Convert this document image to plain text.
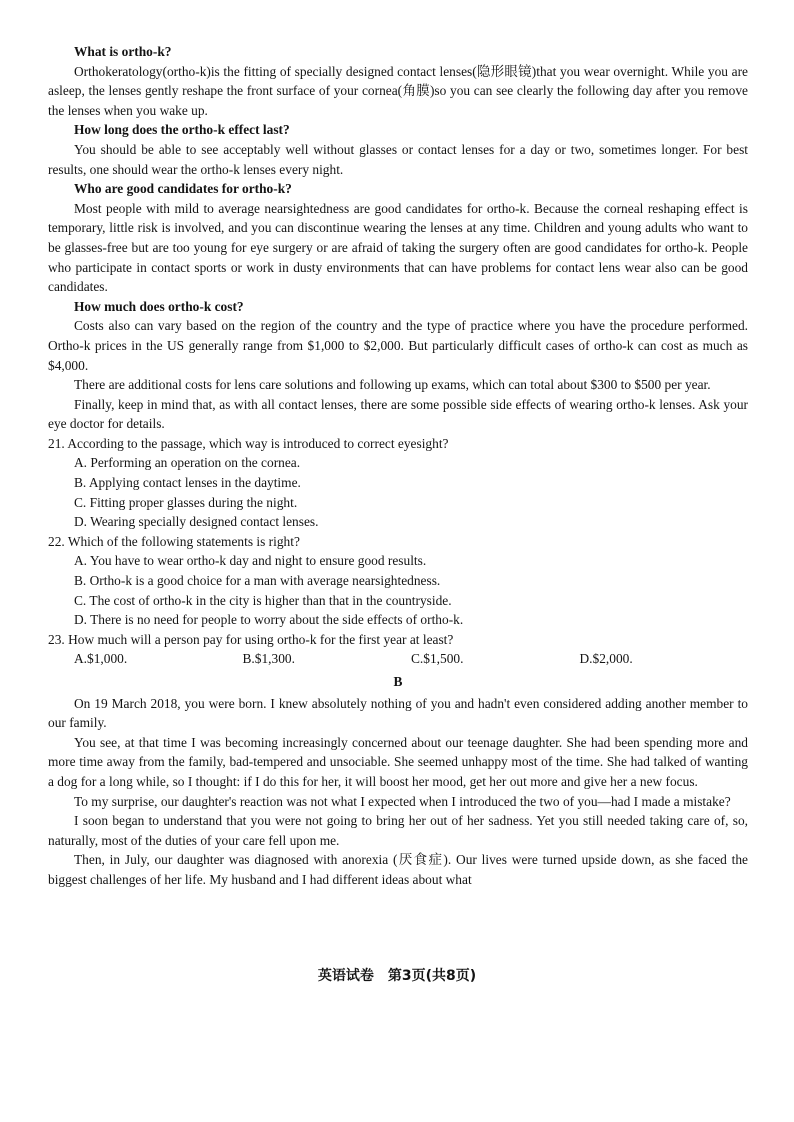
What is ortho-k?

Orthokeratology(ortho-k)is the fitting of specially designed contact lenses(隐形眼镜)that you wear overnight. While you are asleep, the lenses gently reshape the front surface of your cornea(角膜)so you can see clearly the following day after you remove the lenses when you wake up.

How long does the ortho-k effect last?

You should be able to see acceptably well without glasses or contact lenses for a day or two, sometimes longer. For best results, one should wear the ortho-k lenses every night.

Who are good candidates for ortho-k?

Most people with mild to average nearsightedness are good candidates for ortho-k. Because the corneal reshaping effect is temporary, little risk is involved, and you can discontinue wearing the lenses at any time. Children and young adults who want to be glasses-free but are too young for eye surgery or are afraid of taking the surgery often are good candidates for ortho-k. People who participate in contact sports or work in dusty environments that can have problems for contact lens wear also can be good candidates.

How much does ortho-k cost?

Costs also can vary based on the region of the country and the type of practice where you have the procedure performed. Ortho-k prices in the US generally range from $1,000 to $2,000. But particularly difficult cases of ortho-k can cost as much as $4,000.

There are additional costs for lens care solutions and following up exams, which can total about $300 to $500 per year.

Finally, keep in mind that, as with all contact lenses, there are some possible side effects of wearing ortho-k lenses. Ask your eye doctor for details.

21. According to the passage, which way is introduced to correct eyesight?

A. Performing an operation on the cornea.

B. Applying contact lenses in the daytime.

C. Fitting proper glasses during the night.

D. Wearing specially designed contact lenses.

22. Which of the following statements is right?

A. You have to wear ortho-k day and night to ensure good results.

B. Ortho-k is a good choice for a man with average nearsightedness.

C. The cost of ortho-k in the city is higher than that in the countryside.

D. There is no need for people to worry about the side effects of ortho-k.

23. How much will a person pay for using ortho-k for the first year at least?

A.$1,000.	B.$1,300.	C.$1,500.	D.$2,000.
B

On 19 March 2018, you were born. I knew absolutely nothing of you and hadn't even considered adding another member to our family.

You see, at that time I was becoming increasingly concerned about our teenage daughter. She had been spending more and more time away from the family, bad-tempered and unsociable. She seemed unhappy most of the time. She had talked of wanting a dog for a long while, so I thought: if I do this for her, it will boost her mood, get her out more and give her a new focus.

To my surprise, our daughter's reaction was not what I expected when I introduced the two of you—had I made a mistake?

I soon began to understand that you were not going to bring her out of her sadness. Yet you still needed taking care of, so, naturally, most of the duties of your care fell upon me.

Then, in July, our daughter was diagnosed with anorexia (厌食症). Our lives were turned upside down, as she faced the biggest challenges of her life. My husband and I had different ideas about what

英语试卷　第3页(共8页)
